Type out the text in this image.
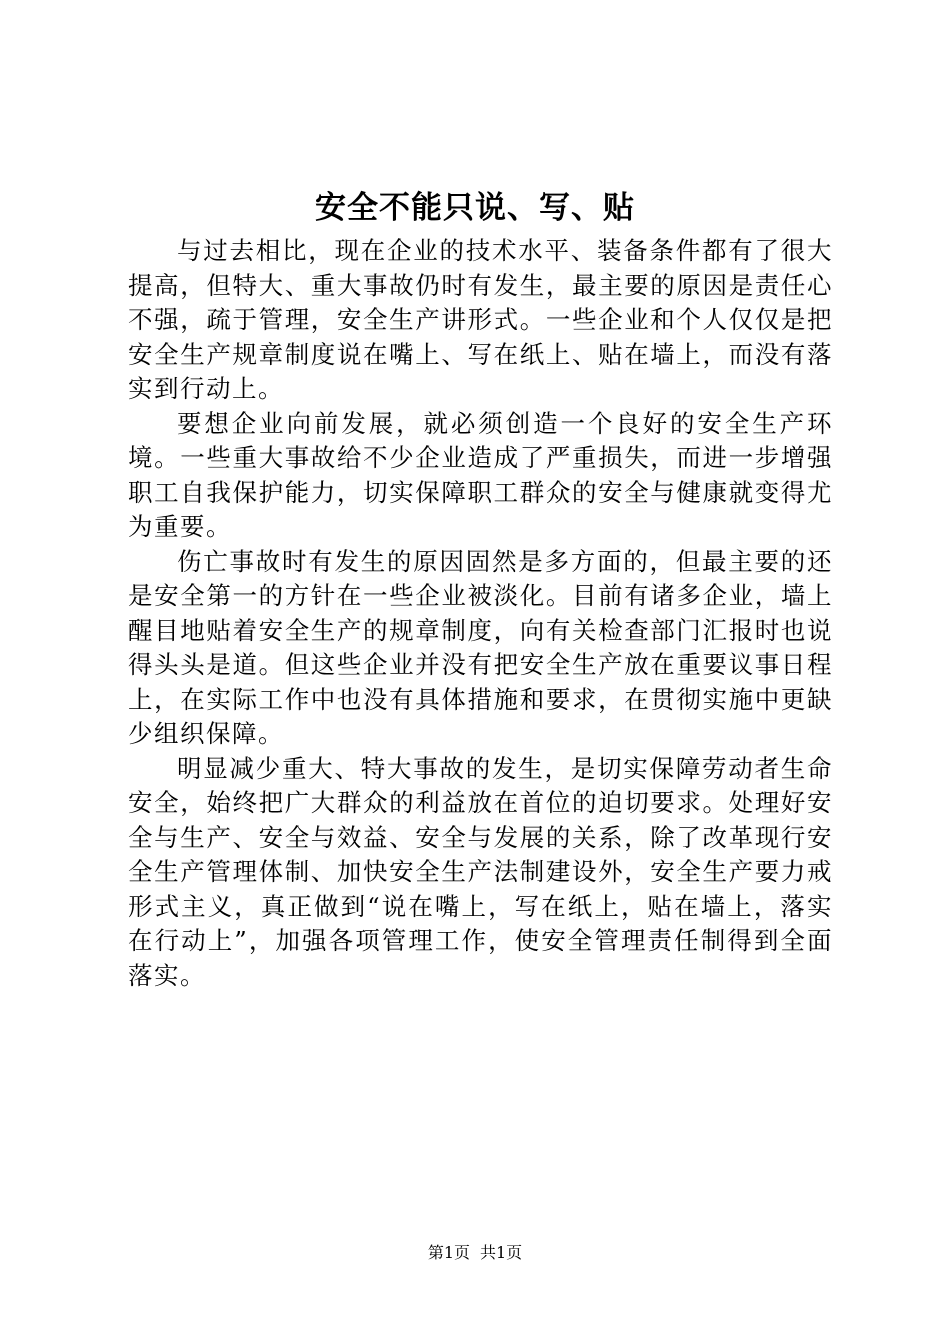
安全不能只说、写、贴

与过去相比，现在企业的技术水平、装备条件都有了很大提高，但特大、重大事故仍时有发生，最主要的原因是责任心不强，疏于管理，安全生产讲形式。一些企业和个人仅仅是把安全生产规章制度说在嘴上、写在纸上、贴在墙上，而没有落实到行动上。

要想企业向前发展，就必须创造一个良好的安全生产环境。一些重大事故给不少企业造成了严重损失，而进一步增强职工自我保护能力，切实保障职工群众的安全与健康就变得尤为重要。

伤亡事故时有发生的原因固然是多方面的，但最主要的还是安全第一的方针在一些企业被淡化。目前有诸多企业，墙上醒目地贴着安全生产的规章制度，向有关检查部门汇报时也说得头头是道。但这些企业并没有把安全生产放在重要议事日程上，在实际工作中也没有具体措施和要求，在贯彻实施中更缺少组织保障。

明显减少重大、特大事故的发生，是切实保障劳动者生命安全，始终把广大群众的利益放在首位的迫切要求。处理好安全与生产、安全与效益、安全与发展的关系，除了改革现行安全生产管理体制、加快安全生产法制建设外，安全生产要力戒形式主义，真正做到“说在嘴上，写在纸上，贴在墙上，落实在行动上”，加强各项管理工作，使安全管理责任制得到全面落实。

第1页 共1页
